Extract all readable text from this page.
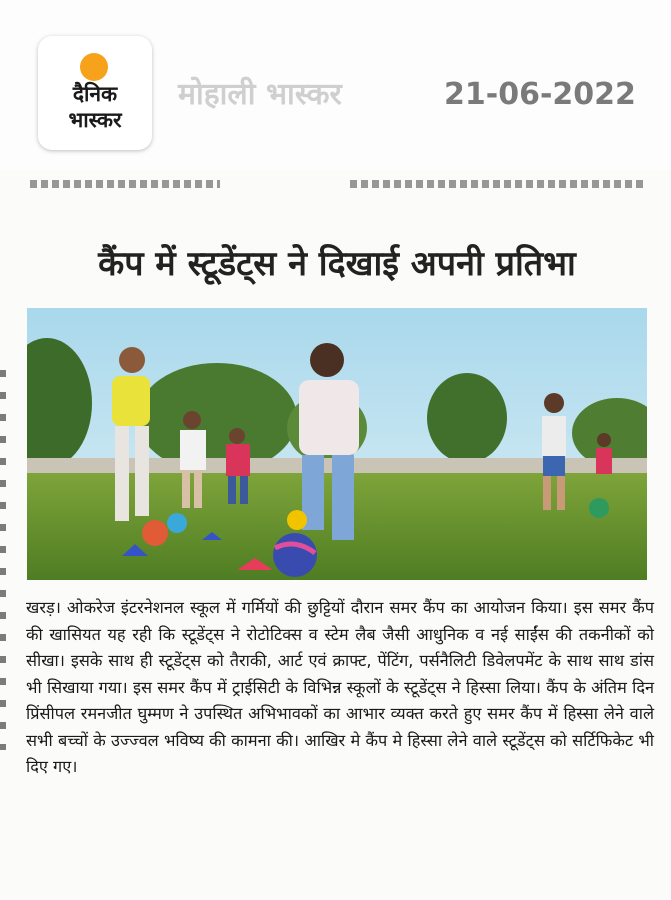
दैनिक
भास्कर
मोहाली भास्कर	21-06-2022
कैंप में स्टूडेंट्स ने दिखाई अपनी प्रतिभा
खरड़। ओकरेज इंटरनेशनल स्कूल में गर्मियों की छुट्टियों दौरान समर कैंप का आयोजन किया। इस समर कैंप की खासियत यह रही कि स्टूडेंट्स ने रोटोटिक्स व स्टेम लैब जैसी आधुनिक व नई साईंस की तकनीकों को सीखा। इसके साथ ही स्टूडेंट्स को तैराकी, आर्ट एवं क्राफ्ट, पेंटिंग, पर्सनैलिटी डिवेलपमेंट के साथ साथ डांस भी सिखाया गया। इस समर कैंप में ट्राईसिटी के विभिन्न स्कूलों के स्टूडेंट्स ने हिस्सा लिया। कैंप के अंतिम दिन प्रिंसीपल रमनजीत घुम्मण ने उपस्थित अभिभावकों का आभार व्यक्त करते हुए समर कैंप में हिस्सा लेने वाले सभी बच्चों के उज्ज्वल भविष्य की कामना की। आखिर मे कैंप मे हिस्सा लेने वाले स्टूडेंट्स को सर्टिफिकेट भी दिए गए।
